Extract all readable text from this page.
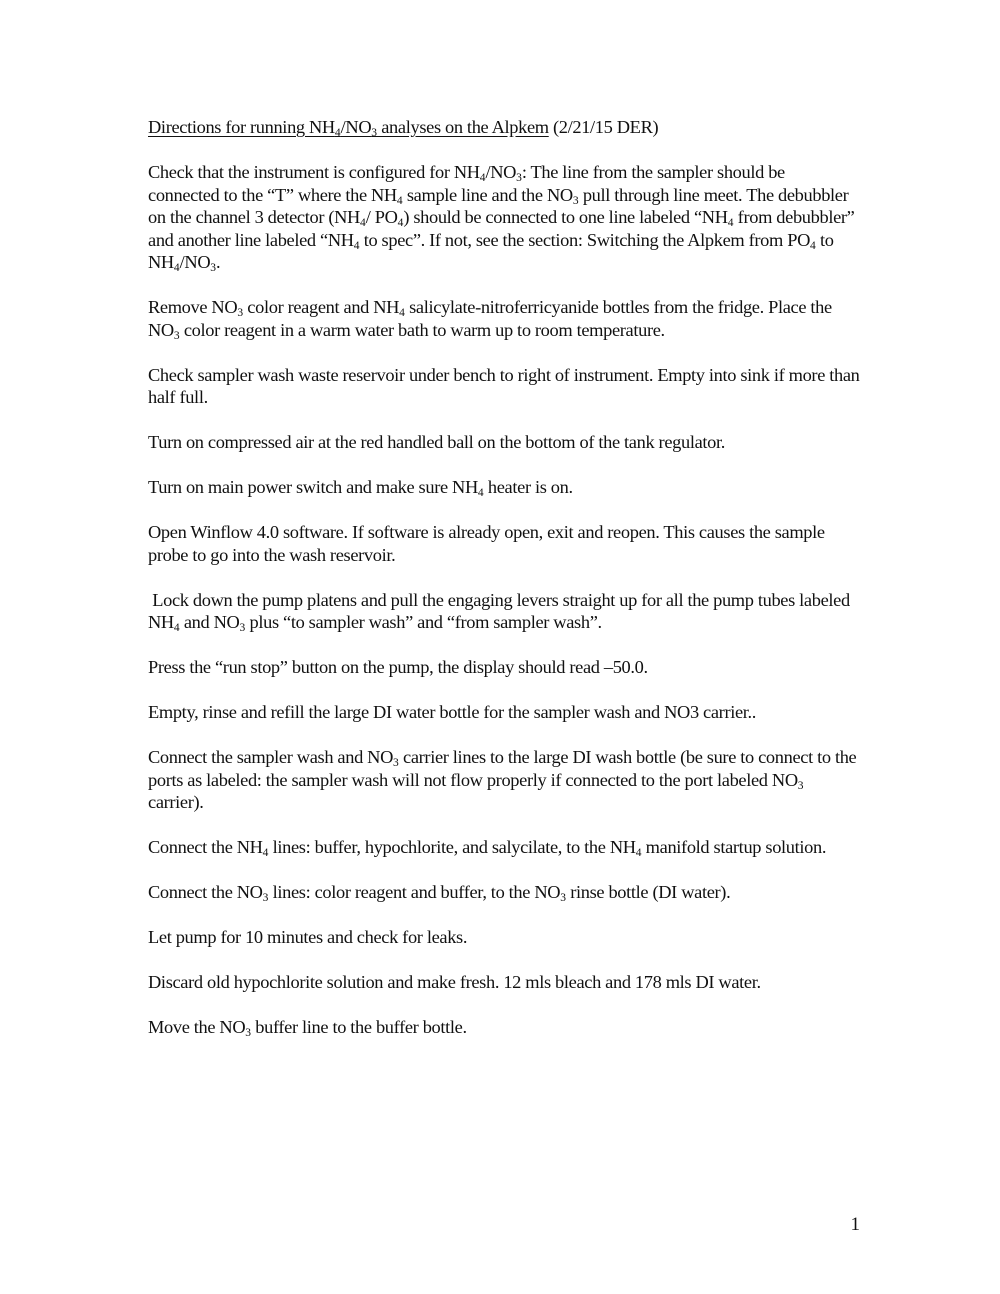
Directions for running $NH_4/NO_3$ analyses on the Alpkem (2/21/15 DER)

Check that the instrument is configured for $NH_4/NO_3$: The line from the sampler should be connected to the “T” where the $NH_4$ sample line and the $NO_3$ pull through line meet. The debubbler on the channel 3 detector ($NH_4/$ $PO_4$) should be connected to one line labeled “$NH_4$ from debubbler” and another line labeled “$NH_4$ to spec”. If not, see the section: Switching the Alpkem from $PO_4$ to $NH_4/NO_3$.

Remove $NO_3$ color reagent and $NH_4$ salicylate-nitroferricyanide bottles from the fridge. Place the $NO_3$ color reagent in a warm water bath to warm up to room temperature.

Check sampler wash waste reservoir under bench to right of instrument. Empty into sink if more than half full.

Turn on compressed air at the red handled ball on the bottom of the tank regulator.

Turn on main power switch and make sure $NH_4$ heater is on.

Open Winflow 4.0 software. If software is already open, exit and reopen. This causes the sample probe to go into the wash reservoir.

Lock down the pump platens and pull the engaging levers straight up for all the pump tubes labeled $NH_4$ and $NO_3$ plus “to sampler wash” and “from sampler wash”.

Press the “run stop” button on the pump, the display should read –50.0.

Empty, rinse and refill the large DI water bottle for the sampler wash and NO3 carrier..

Connect the sampler wash and $NO_3$ carrier lines to the large DI wash bottle (be sure to connect to the ports as labeled: the sampler wash will not flow properly if connected to the port labeled $NO_3$ carrier).

Connect the $NH_4$ lines: buffer, hypochlorite, and salycilate, to the $NH_4$ manifold startup solution.

Connect the $NO_3$ lines: color reagent and buffer, to the $NO_3$ rinse bottle (DI water).

Let pump for 10 minutes and check for leaks.

Discard old hypochlorite solution and make fresh. 12 mls bleach and 178 mls DI water.

Move the $NO_3$ buffer line to the buffer bottle.

1
